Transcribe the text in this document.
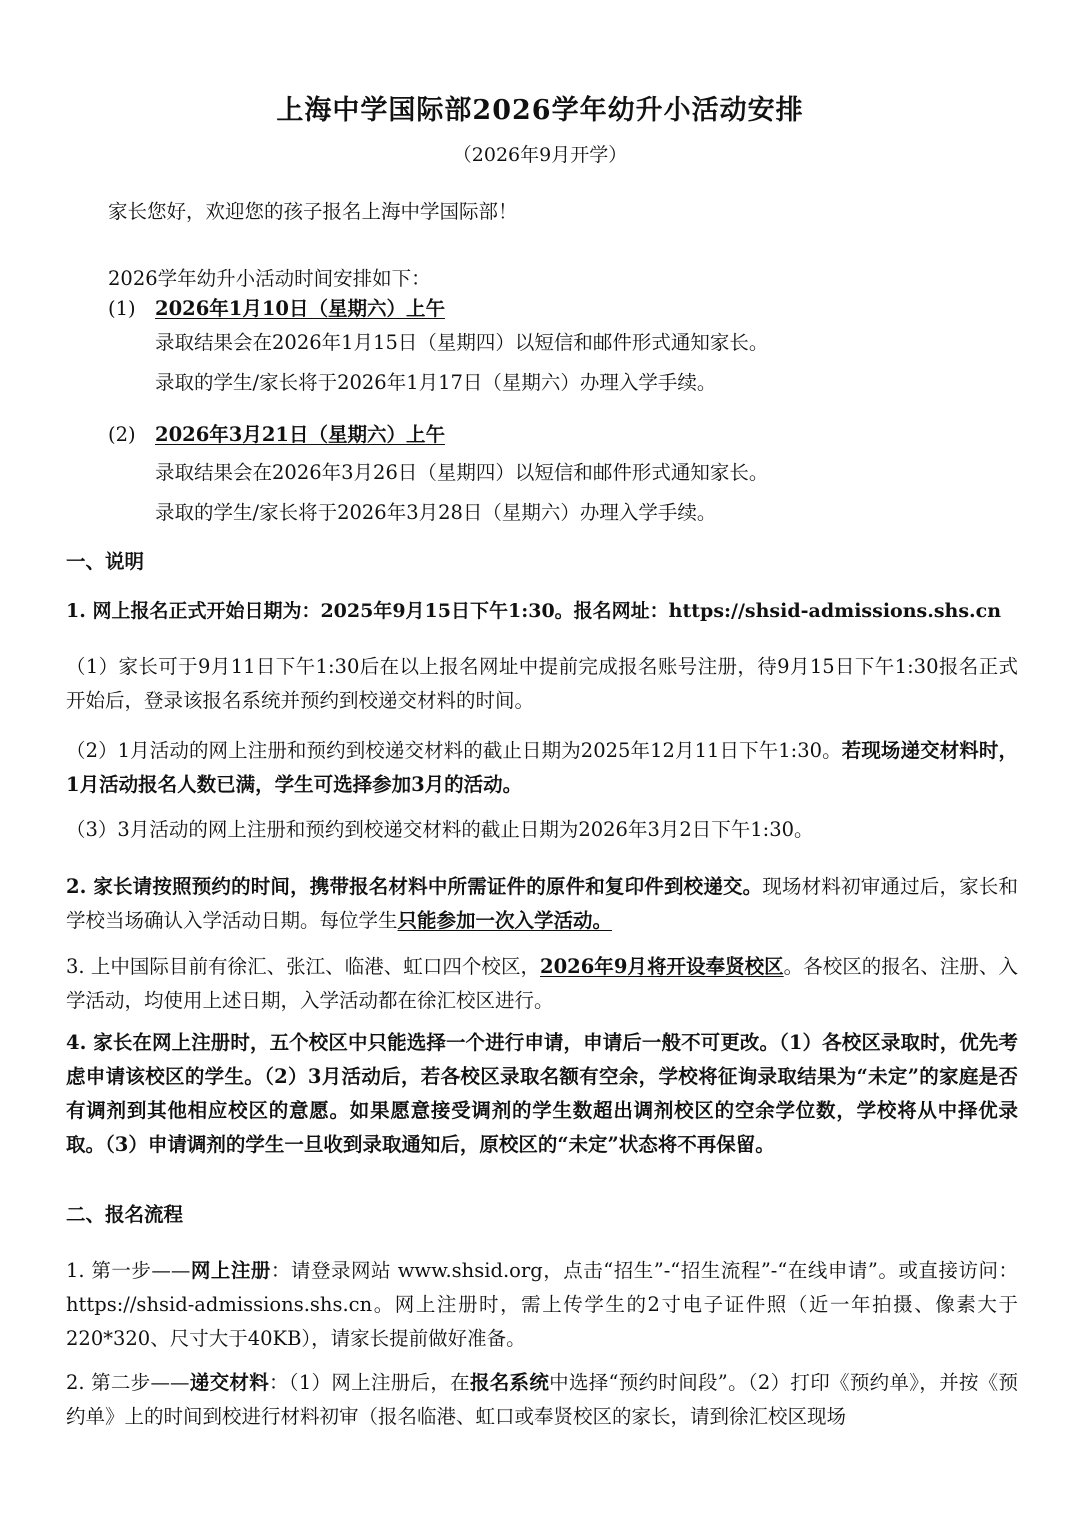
上海中学国际部2026学年幼升小活动安排
（2026年9月开学）
家长您好，欢迎您的孩子报名上海中学国际部！
2026学年幼升小活动时间安排如下：
(1) 2026年1月10日（星期六）上午
录取结果会在2026年1月15日（星期四）以短信和邮件形式通知家长。
录取的学生/家长将于2026年1月17日（星期六）办理入学手续。
(2) 2026年3月21日（星期六）上午
录取结果会在2026年3月26日（星期四）以短信和邮件形式通知家长。
录取的学生/家长将于2026年3月28日（星期六）办理入学手续。
一、说明

1. 网上报名正式开始日期为：2025年9月15日下午1:30。报名网址：https://shsid-admissions.shs.cn

（1）家长可于9月11日下午1:30后在以上报名网址中提前完成报名账号注册，待9月15日下午1:30报名正式开始后，登录该报名系统并预约到校递交材料的时间。

（2）1月活动的网上注册和预约到校递交材料的截止日期为2025年12月11日下午1:30。若现场递交材料时，1月活动报名人数已满，学生可选择参加3月的活动。

（3）3月活动的网上注册和预约到校递交材料的截止日期为2026年3月2日下午1:30。

2. 家长请按照预约的时间，携带报名材料中所需证件的原件和复印件到校递交。现场材料初审通过后，家长和学校当场确认入学活动日期。每位学生只能参加一次入学活动。

3. 上中国际目前有徐汇、张江、临港、虹口四个校区，2026年9月将开设奉贤校区。各校区的报名、注册、入学活动，均使用上述日期，入学活动都在徐汇校区进行。

4. 家长在网上注册时，五个校区中只能选择一个进行申请，申请后一般不可更改。（1）各校区录取时，优先考虑申请该校区的学生。（2）3月活动后，若各校区录取名额有空余，学校将征询录取结果为“未定”的家庭是否有调剂到其他相应校区的意愿。如果愿意接受调剂的学生数超出调剂校区的空余学位数，学校将从中择优录取。（3）申请调剂的学生一旦收到录取通知后，原校区的“未定”状态将不再保留。

二、报名流程

1. 第一步——网上注册：请登录网站 www.shsid.org，点击“招生”-“招生流程”-“在线申请”。或直接访问：https://shsid-admissions.shs.cn。网上注册时，需上传学生的2寸电子证件照（近一年拍摄、像素大于220*320、尺寸大于40KB），请家长提前做好准备。

2. 第二步——递交材料：（1）网上注册后，在报名系统中选择“预约时间段”。（2）打印《预约单》，并按《预约单》上的时间到校进行材料初审（报名临港、虹口或奉贤校区的家长，请到徐汇校区现场
